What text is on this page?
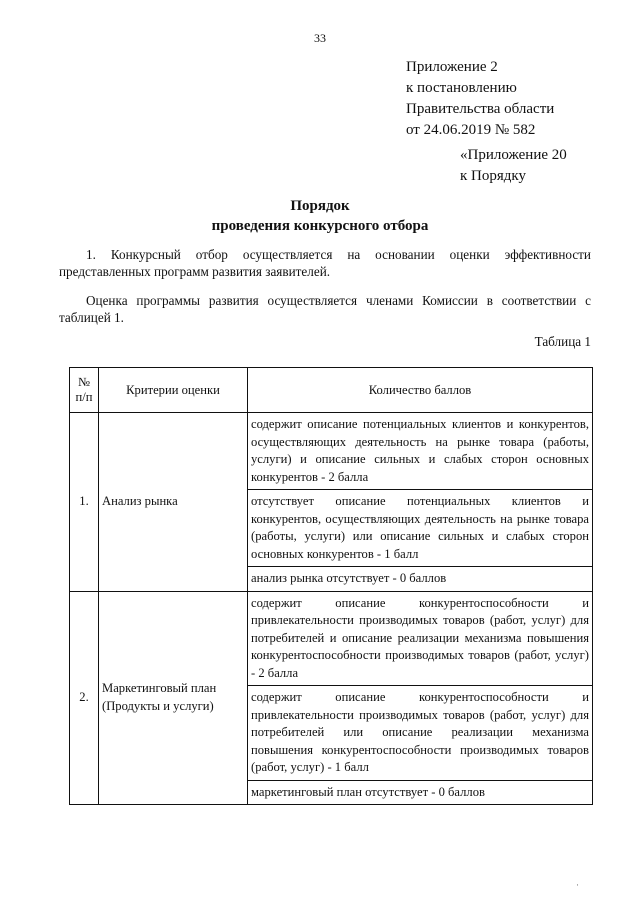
33
Приложение 2
к постановлению
Правительства области
от 24.06.2019 № 582
«Приложение 20
к Порядку
Порядок
проведения конкурсного отбора
1. Конкурсный отбор осуществляется на основании оценки эффективности
представленных программ развития заявителей.
Оценка программы развития осуществляется членами Комиссии в соответствии с
таблицей 1.
Таблица 1
№ п/п	Критерии оценки	Количество баллов
1.	Анализ рынка	содержит описание потенциальных клиентов и конкурентов, осуществляющих деятельность на рынке товара (работы, услуги) и описание сильных и слабых сторон основных конкурентов - 2 балла
		отсутствует описание потенциальных клиентов и конкурентов, осуществляющих деятельность на рынке товара (работы, услуги) или описание сильных и слабых сторон основных конкурентов - 1 балл
		анализ рынка отсутствует - 0 баллов
2.	Маркетинговый план (Продукты и услуги)	содержит описание конкурентоспособности и привлекательности производимых товаров (работ, услуг) для потребителей и описание реализации механизма повышения конкурентоспособности производимых товаров (работ, услуг) - 2 балла
		содержит описание конкурентоспособности и привлекательности производимых товаров (работ, услуг) для потребителей или описание реализации механизма повышения конкурентоспособности производимых товаров (работ, услуг) - 1 балл
		маркетинговый план отсутствует - 0 баллов
·
